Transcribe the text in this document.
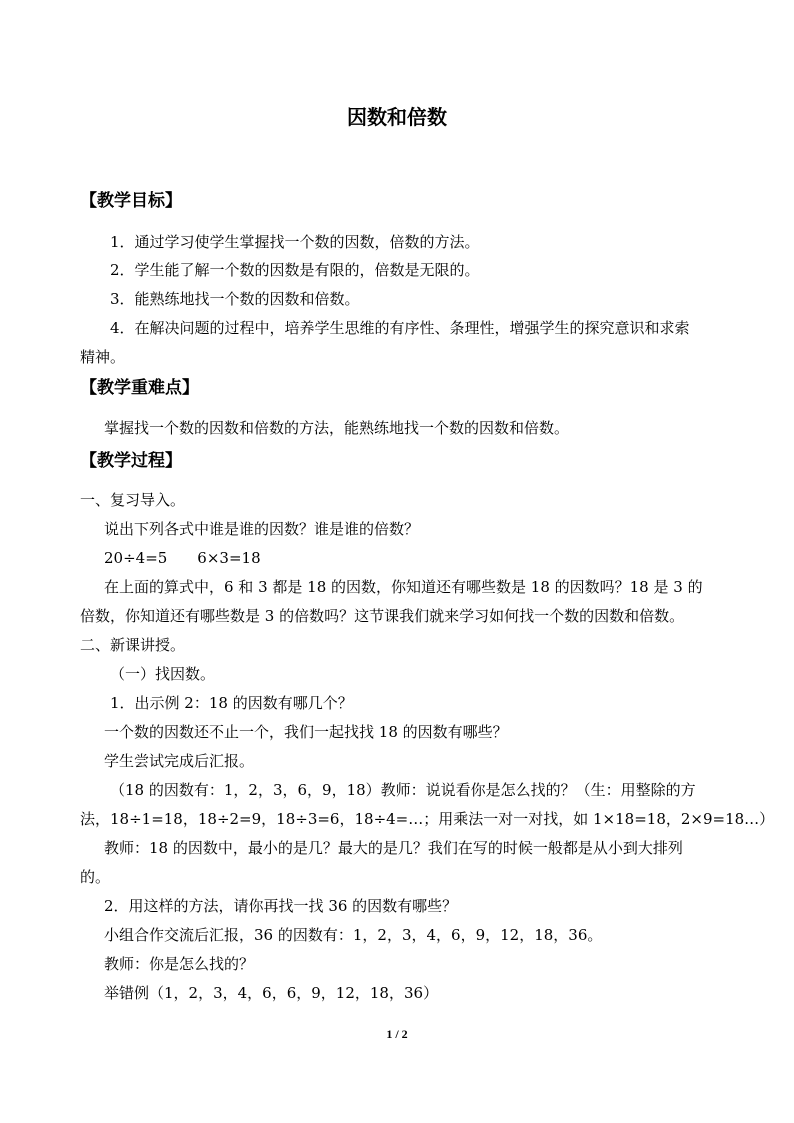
因数和倍数
【教学目标】
1．通过学习使学生掌握找一个数的因数，倍数的方法。
2．学生能了解一个数的因数是有限的，倍数是无限的。
3．能熟练地找一个数的因数和倍数。
4．在解决问题的过程中，培养学生思维的有序性、条理性，增强学生的探究意识和求索
精神。
【教学重难点】
掌握找一个数的因数和倍数的方法，能熟练地找一个数的因数和倍数。
【教学过程】
一、复习导入。
说出下列各式中谁是谁的因数？谁是谁的倍数？
20÷4=5　　6×3=18
在上面的算式中，6 和 3 都是 18 的因数，你知道还有哪些数是 18 的因数吗？18 是 3 的
倍数，你知道还有哪些数是 3 的倍数吗？这节课我们就来学习如何找一个数的因数和倍数。
二、新课讲授。
（一）找因数。
1．出示例 2：18 的因数有哪几个？
一个数的因数还不止一个，我们一起找找 18 的因数有哪些？
学生尝试完成后汇报。
（18 的因数有：1，2，3，6，9，18）教师：说说看你是怎么找的？（生：用整除的方
法，18÷1=18，18÷2=9，18÷3=6，18÷4=…；用乘法一对一对找，如 1×18=18，2×9=18…）
教师：18 的因数中，最小的是几？最大的是几？我们在写的时候一般都是从小到大排列
的。
2．用这样的方法，请你再找一找 36 的因数有哪些？
小组合作交流后汇报，36 的因数有：1，2，3，4，6，9，12，18，36。
教师：你是怎么找的？
举错例（1，2，3，4，6，6，9，12，18，36）
1 / 2
